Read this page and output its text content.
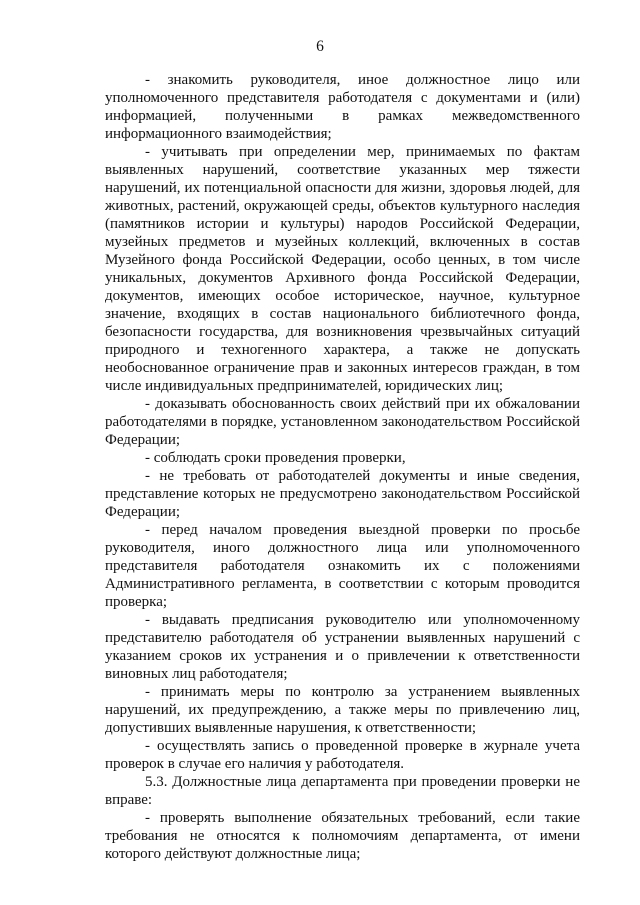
6

- знакомить руководителя, иное должностное лицо или уполномоченного представителя работодателя с документами и (или) информацией, полученными в рамках межведомственного информационного взаимодействия;

- учитывать при определении мер, принимаемых по фактам выявленных нарушений, соответствие указанных мер тяжести нарушений, их потенциальной опасности для жизни, здоровья людей, для животных, растений, окружающей среды, объектов культурного наследия (памятников истории и культуры) народов Российской Федерации, музейных предметов и музейных коллекций, включенных в состав Музейного фонда Российской Федерации, особо ценных, в том числе уникальных, документов Архивного фонда Российской Федерации, документов, имеющих особое историческое, научное, культурное значение, входящих в состав национального библиотечного фонда, безопасности государства, для возникновения чрезвычайных ситуаций природного и техногенного характера, а также не допускать необоснованное ограничение прав и законных интересов граждан, в том числе индивидуальных предпринимателей, юридических лиц;

- доказывать обоснованность своих действий при их обжаловании работодателями в порядке, установленном законодательством Российской Федерации;

- соблюдать сроки проведения проверки,

- не требовать от работодателей документы и иные сведения, представление которых не предусмотрено законодательством Российской Федерации;

- перед началом проведения выездной проверки по просьбе руководителя, иного должностного лица или уполномоченного представителя работодателя ознакомить их с положениями Административного регламента, в соответствии с которым проводится проверка;

- выдавать предписания руководителю или уполномоченному представителю работодателя об устранении выявленных нарушений с указанием сроков их устранения и о привлечении к ответственности виновных лиц работодателя;

- принимать меры по контролю за устранением выявленных нарушений, их предупреждению, а также меры по привлечению лиц, допустивших выявленные нарушения, к ответственности;

- осуществлять запись о проведенной проверке в журнале учета проверок в случае его наличия у работодателя.

5.3. Должностные лица департамента при проведении проверки не вправе:

- проверять выполнение обязательных требований, если такие требования не относятся к полномочиям департамента, от имени которого действуют должностные лица;
